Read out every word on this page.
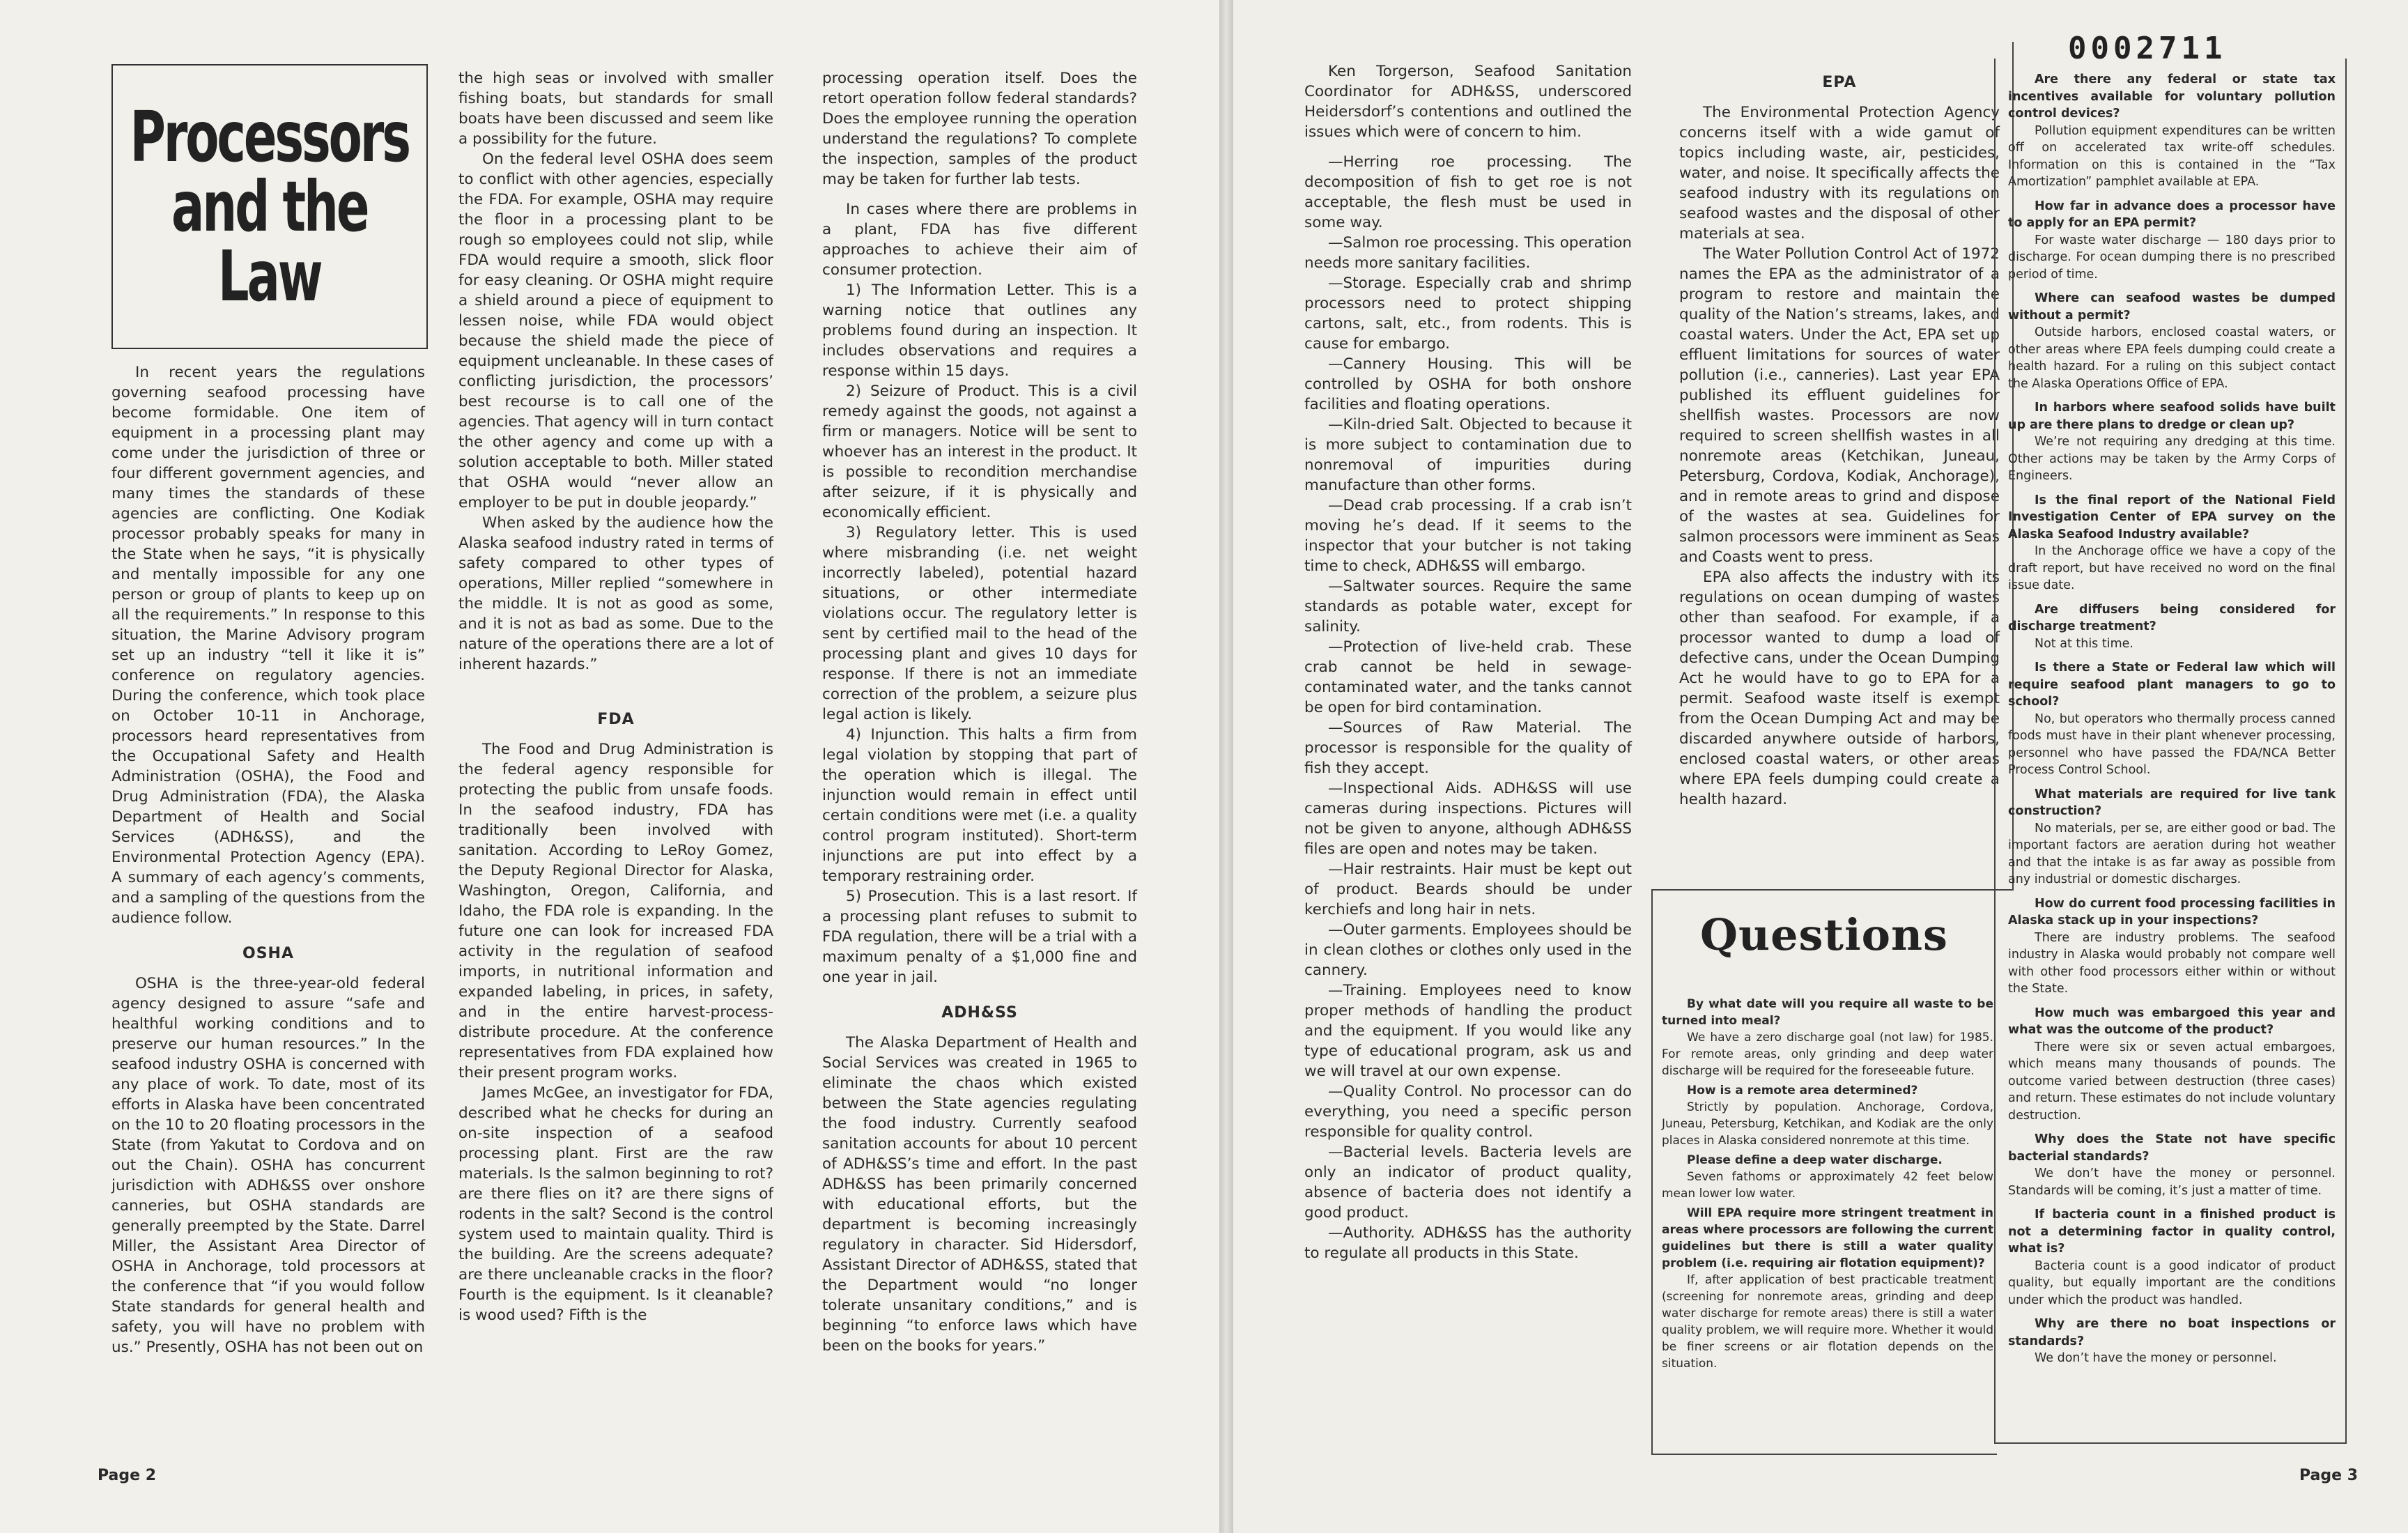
Processors
and the
Law

In recent years the regulations governing seafood processing have become formidable. One item of equipment in a processing plant may come under the jurisdiction of three or four different government agencies, and many times the standards of these agencies are conflicting. One Kodiak processor probably speaks for many in the State when he says, “it is physically and mentally impossible for any one person or group of plants to keep up on all the requirements.” In response to this situation, the Marine Advisory program set up an industry “tell it like it is” conference on regulatory agencies. During the conference, which took place on October 10-11 in Anchorage, processors heard representatives from the Occupational Safety and Health Administration (OSHA), the Food and Drug Administration (FDA), the Alaska Department of Health and Social Services (ADH&SS), and the Environmental Protection Agency (EPA). A summary of each agency’s comments, and a sampling of the questions from the audience follow.

OSHA

OSHA is the three-year-old federal agency designed to assure “safe and healthful working conditions and to preserve our human resources.” In the seafood industry OSHA is concerned with any place of work. To date, most of its efforts in Alaska have been concentrated on the 10 to 20 floating processors in the State (from Yakutat to Cordova and on out the Chain). OSHA has concurrent jurisdiction with ADH&SS over onshore canneries, but OSHA standards are generally preempted by the State. Darrel Miller, the Assistant Area Director of OSHA in Anchorage, told processors at the conference that “if you would follow State standards for general health and safety, you will have no problem with us.” Presently, OSHA has not been out on

the high seas or involved with smaller fishing boats, but standards for small boats have been discussed and seem like a possibility for the future.

On the federal level OSHA does seem to conflict with other agencies, especially the FDA. For example, OSHA may require the floor in a processing plant to be rough so employees could not slip, while FDA would require a smooth, slick floor for easy cleaning. Or OSHA might require a shield around a piece of equipment to lessen noise, while FDA would object because the shield made the piece of equipment uncleanable. In these cases of conflicting jurisdiction, the processors’ best recourse is to call one of the agencies. That agency will in turn contact the other agency and come up with a solution acceptable to both. Miller stated that OSHA would “never allow an employer to be put in double jeopardy.”

When asked by the audience how the Alaska seafood industry rated in terms of safety compared to other types of operations, Miller replied “somewhere in the middle. It is not as good as some, and it is not as bad as some. Due to the nature of the operations there are a lot of inherent hazards.”

FDA

The Food and Drug Administration is the federal agency responsible for protecting the public from unsafe foods. In the seafood industry, FDA has traditionally been involved with sanitation. According to LeRoy Gomez, the Deputy Regional Director for Alaska, Washington, Oregon, California, and Idaho, the FDA role is expanding. In the future one can look for increased FDA activity in the regulation of seafood imports, in nutritional information and expanded labeling, in prices, in safety, and in the entire harvest-process-distribute procedure. At the conference representatives from FDA explained how their present program works.

James McGee, an investigator for FDA, described what he checks for during an on-site inspection of a seafood processing plant. First are the raw materials. Is the salmon beginning to rot? are there flies on it? are there signs of rodents in the salt? Second is the control system used to maintain quality. Third is the building. Are the screens adequate? are there uncleanable cracks in the floor? Fourth is the equipment. Is it cleanable? is wood used? Fifth is the

processing operation itself. Does the retort operation follow federal standards? Does the employee running the operation understand the regulations? To complete the inspection, samples of the product may be taken for further lab tests.

In cases where there are problems in a plant, FDA has five different approaches to achieve their aim of consumer protection.

1) The Information Letter. This is a warning notice that outlines any problems found during an inspection. It includes observations and requires a response within 15 days.

2) Seizure of Product. This is a civil remedy against the goods, not against a firm or managers. Notice will be sent to whoever has an interest in the product. It is possible to recondition merchandise after seizure, if it is physically and economically efficient.

3) Regulatory letter. This is used where misbranding (i.e. net weight incorrectly labeled), potential hazard situations, or other intermediate violations occur. The regulatory letter is sent by certified mail to the head of the processing plant and gives 10 days for response. If there is not an immediate correction of the problem, a seizure plus legal action is likely.

4) Injunction. This halts a firm from legal violation by stopping that part of the operation which is illegal. The injunction would remain in effect until certain conditions were met (i.e. a quality control program instituted). Short-term injunctions are put into effect by a temporary restraining order.

5) Prosecution. This is a last resort. If a processing plant refuses to submit to FDA regulation, there will be a trial with a maximum penalty of a $1,000 fine and one year in jail.

ADH&SS

The Alaska Department of Health and Social Services was created in 1965 to eliminate the chaos which existed between the State agencies regulating the food industry. Currently seafood sanitation accounts for about 10 percent of ADH&SS’s time and effort. In the past ADH&SS has been primarily concerned with educational efforts, but the department is becoming increasingly regulatory in character. Sid Hidersdorf, Assistant Director of ADH&SS, stated that the Department would “no longer tolerate unsanitary conditions,” and is beginning “to enforce laws which have been on the books for years.”

Page 2
0002711

Ken Torgerson, Seafood Sanitation Coordinator for ADH&SS, underscored Heidersdorf’s contentions and outlined the issues which were of concern to him.

—Herring roe processing. The decomposition of fish to get roe is not acceptable, the flesh must be used in some way.

—Salmon roe processing. This operation needs more sanitary facilities.

—Storage. Especially crab and shrimp processors need to protect shipping cartons, salt, etc., from rodents. This is cause for embargo.

—Cannery Housing. This will be controlled by OSHA for both onshore facilities and floating operations.

—Kiln-dried Salt. Objected to because it is more subject to contamination due to nonremoval of impurities during manufacture than other forms.

—Dead crab processing. If a crab isn’t moving he’s dead. If it seems to the inspector that your butcher is not taking time to check, ADH&SS will embargo.

—Saltwater sources. Require the same standards as potable water, except for salinity.

—Protection of live-held crab. These crab cannot be held in sewage-contaminated water, and the tanks cannot be open for bird contamination.

—Sources of Raw Material. The processor is responsible for the quality of fish they accept.

—Inspectional Aids. ADH&SS will use cameras during inspections. Pictures will not be given to anyone, although ADH&SS files are open and notes may be taken.

—Hair restraints. Hair must be kept out of product. Beards should be under kerchiefs and long hair in nets.

—Outer garments. Employees should be in clean clothes or clothes only used in the cannery.

—Training. Employees need to know proper methods of handling the product and the equipment. If you would like any type of educational program, ask us and we will travel at our own expense.

—Quality Control. No processor can do everything, you need a specific person responsible for quality control.

—Bacterial levels. Bacteria levels are only an indicator of product quality, absence of bacteria does not identify a good product.

—Authority. ADH&SS has the authority to regulate all products in this State.

EPA

The Environmental Protection Agency concerns itself with a wide gamut of topics including waste, air, pesticides, water, and noise. It specifically affects the seafood industry with its regulations on seafood wastes and the disposal of other materials at sea.

The Water Pollution Control Act of 1972 names the EPA as the administrator of a program to restore and maintain the quality of the Nation’s streams, lakes, and coastal waters. Under the Act, EPA set up effluent limitations for sources of water pollution (i.e., canneries). Last year EPA published its effluent guidelines for shellfish wastes. Processors are now required to screen shellfish wastes in all nonremote areas (Ketchikan, Juneau, Petersburg, Cordova, Kodiak, Anchorage), and in remote areas to grind and dispose of the wastes at sea. Guidelines for salmon processors were imminent as Seas and Coasts went to press.

EPA also affects the industry with its regulations on ocean dumping of wastes other than seafood. For example, if a processor wanted to dump a load of defective cans, under the Ocean Dumping Act he would have to go to EPA for a permit. Seafood waste itself is exempt from the Ocean Dumping Act and may be discarded anywhere outside of harbors, enclosed coastal waters, or other areas where EPA feels dumping could create a health hazard.

Questions
By what date will you require all waste to be turned into meal?
We have a zero discharge goal (not law) for 1985. For remote areas, only grinding and deep water discharge will be required for the foreseeable future.
How is a remote area determined?
Strictly by population. Anchorage, Cordova, Juneau, Petersburg, Ketchikan, and Kodiak are the only places in Alaska considered nonremote at this time.
Please define a deep water discharge.
Seven fathoms or approximately 42 feet below mean lower low water.
Will EPA require more stringent treatment in areas where processors are following the current guidelines but there is still a water quality problem (i.e. requiring air flotation equipment)?
If, after application of best practicable treatment (screening for nonremote areas, grinding and deep water discharge for remote areas) there is still a water quality problem, we will require more. Whether it would be finer screens or air flotation depends on the situation.
Are there any federal or state tax incentives available for voluntary pollution control devices?
Pollution equipment expenditures can be written off on accelerated tax write-off schedules. Information on this is contained in the “Tax Amortization” pamphlet available at EPA.
How far in advance does a processor have to apply for an EPA permit?
For waste water discharge — 180 days prior to discharge. For ocean dumping there is no prescribed period of time.
Where can seafood wastes be dumped without a permit?
Outside harbors, enclosed coastal waters, or other areas where EPA feels dumping could create a health hazard. For a ruling on this subject contact the Alaska Operations Office of EPA.
In harbors where seafood solids have built up are there plans to dredge or clean up?
We’re not requiring any dredging at this time. Other actions may be taken by the Army Corps of Engineers.
Is the final report of the National Field Investigation Center of EPA survey on the Alaska Seafood Industry available?
In the Anchorage office we have a copy of the draft report, but have received no word on the final issue date.
Are diffusers being considered for discharge treatment?
Not at this time.
Is there a State or Federal law which will require seafood plant managers to go to school?
No, but operators who thermally process canned foods must have in their plant whenever processing, personnel who have passed the FDA/NCA Better Process Control School.
What materials are required for live tank construction?
No materials, per se, are either good or bad. The important factors are aeration during hot weather and that the intake is as far away as possible from any industrial or domestic discharges.
How do current food processing facilities in Alaska stack up in your inspections?
There are industry problems. The seafood industry in Alaska would probably not compare well with other food processors either within or without the State.
How much was embargoed this year and what was the outcome of the product?
There were six or seven actual embargoes, which means many thousands of pounds. The outcome varied between destruction (three cases) and return. These estimates do not include voluntary destruction.
Why does the State not have specific bacterial standards?
We don’t have the money or personnel. Standards will be coming, it’s just a matter of time.
If bacteria count in a finished product is not a determining factor in quality control, what is?
Bacteria count is a good indicator of product quality, but equally important are the conditions under which the product was handled.
Why are there no boat inspections or standards?
We don’t have the money or personnel.
Page 3
